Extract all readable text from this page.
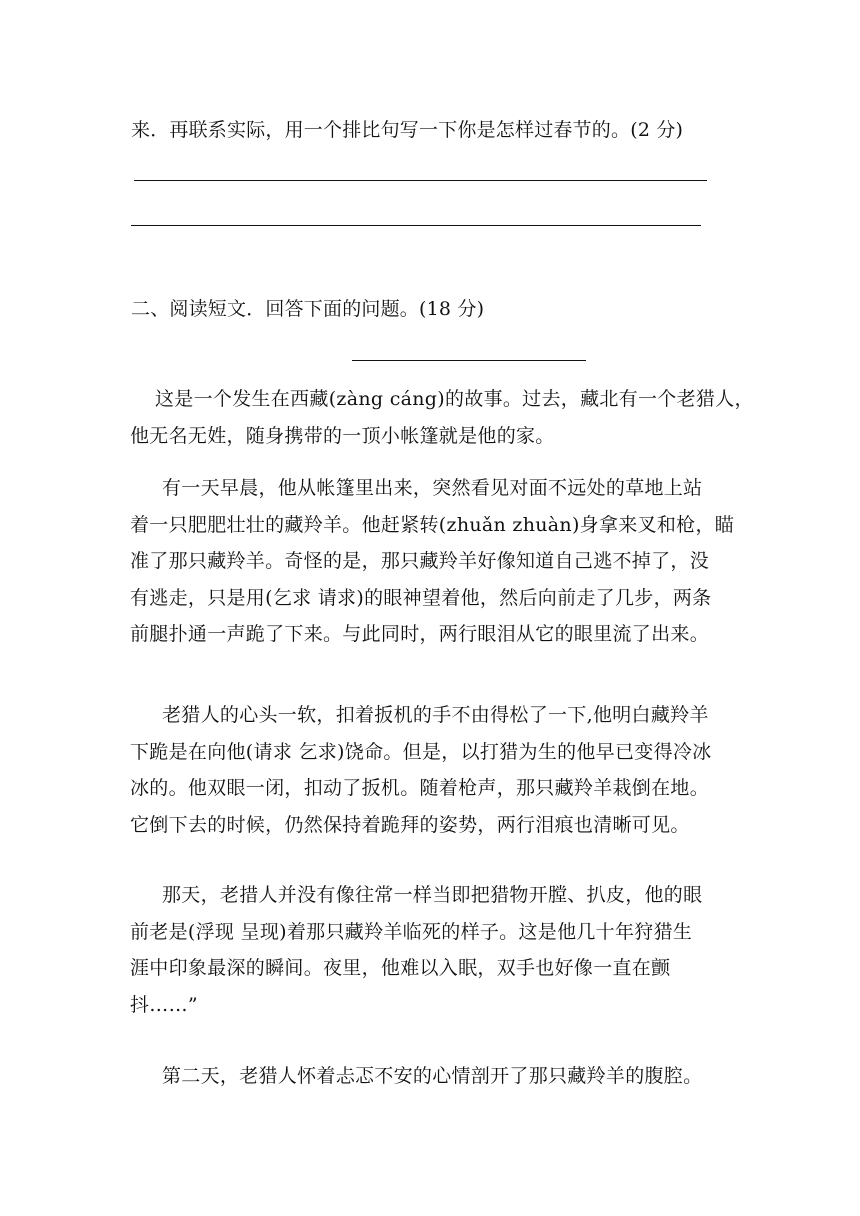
来．再联系实际，用一个排比句写一下你是怎样过春节的。(2 分)
二、阅读短文．回答下面的问题。(18 分)
这是一个发生在西藏(zàng cáng)的故事。过去，藏北有一个老猎人，
他无名无姓，随身携带的一顶小帐篷就是他的家。
有一天早晨，他从帐篷里出来，突然看见对面不远处的草地上站
着一只肥肥壮壮的藏羚羊。他赶紧转(zhuǎn zhuàn)身拿来叉和枪，瞄
准了那只藏羚羊。奇怪的是，那只藏羚羊好像知道自己逃不掉了，没
有逃走，只是用(乞求 请求)的眼神望着他，然后向前走了几步，两条
前腿扑通一声跪了下来。与此同时，两行眼泪从它的眼里流了出来。
老猎人的心头一软，扣着扳机的手不由得松了一下,他明白藏羚羊
下跪是在向他(请求 乞求)饶命。但是，以打猎为生的他早已变得冷冰
冰的。他双眼一闭，扣动了扳机。随着枪声，那只藏羚羊栽倒在地。
它倒下去的时候，仍然保持着跪拜的姿势，两行泪痕也清晰可见。
那天，老措人并没有像往常一样当即把猎物开膛、扒皮，他的眼
前老是(浮现 呈现)着那只藏羚羊临死的样子。这是他几十年狩猎生
涯中印象最深的瞬间。夜里，他难以入眠，双手也好像一直在颤
抖……”
第二天，老猎人怀着忐忑不安的心情剖开了那只藏羚羊的腹腔。
